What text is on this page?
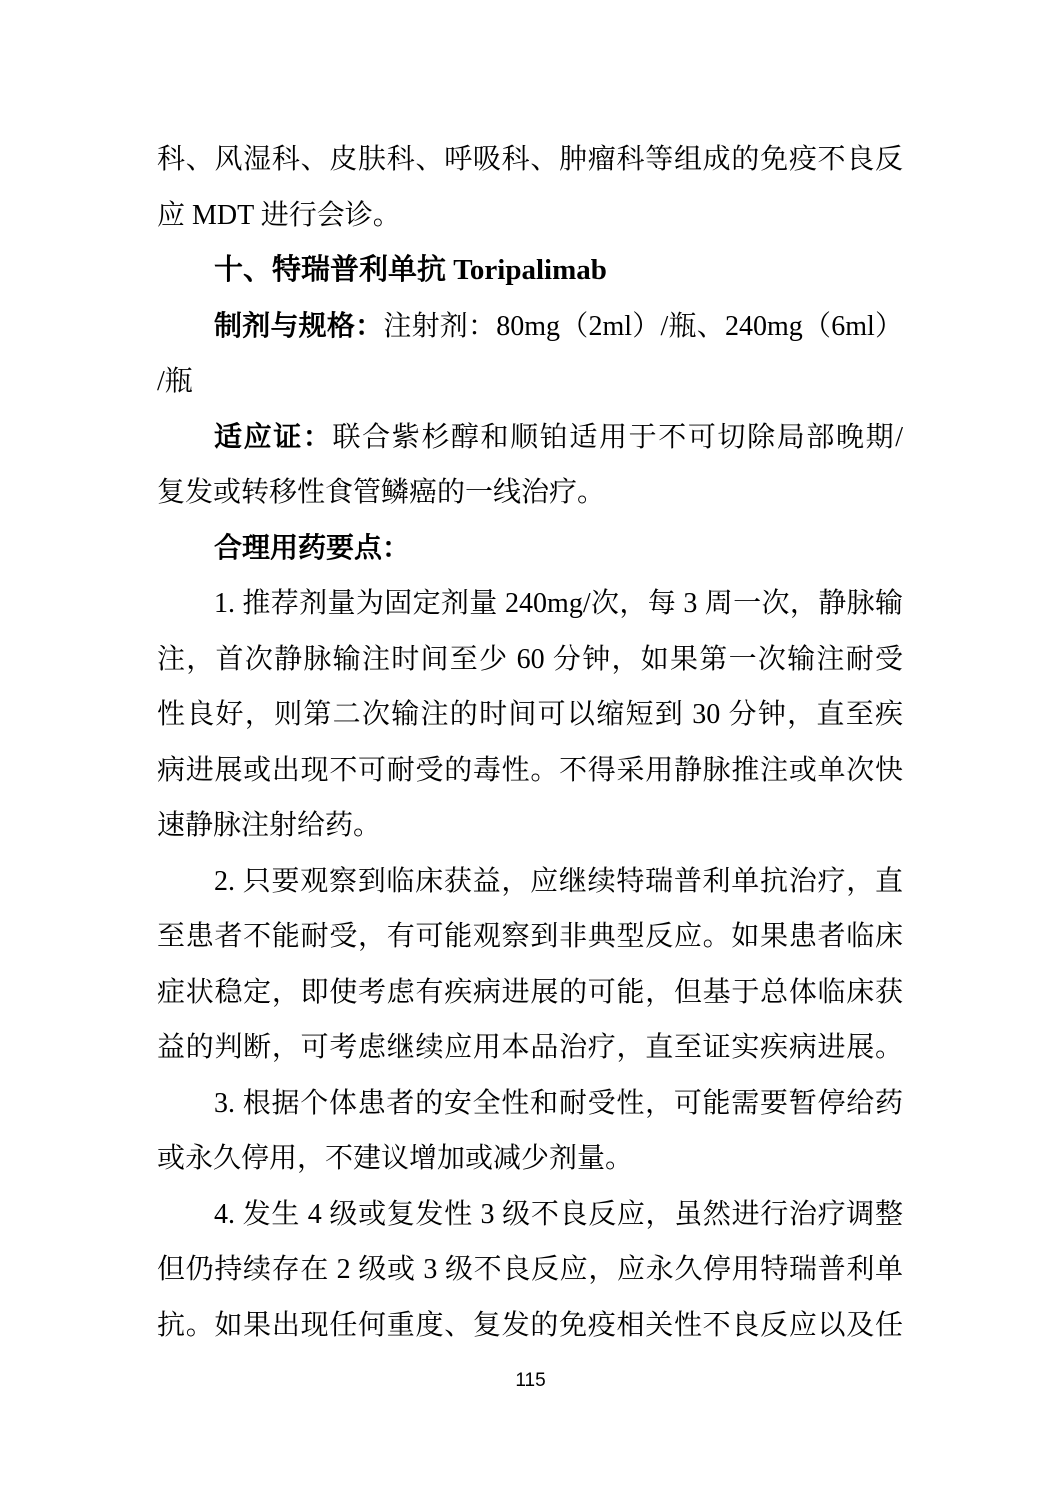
科、风湿科、皮肤科、呼吸科、肿瘤科等组成的免疫不良反
应 MDT 进行会诊。
十、特瑞普利单抗 Toripalimab
制剂与规格：注射剂：80mg（2ml）/瓶、240mg（6ml）
/瓶
适应证：联合紫杉醇和顺铂适用于不可切除局部晚期/
复发或转移性食管鳞癌的一线治疗。
合理用药要点：
1. 推荐剂量为固定剂量 240mg/次，每 3 周一次，静脉输
注，首次静脉输注时间至少 60 分钟，如果第一次输注耐受
性良好，则第二次输注的时间可以缩短到 30 分钟，直至疾
病进展或出现不可耐受的毒性。不得采用静脉推注或单次快
速静脉注射给药。
2. 只要观察到临床获益，应继续特瑞普利单抗治疗，直
至患者不能耐受，有可能观察到非典型反应。如果患者临床
症状稳定，即使考虑有疾病进展的可能，但基于总体临床获
益的判断，可考虑继续应用本品治疗，直至证实疾病进展。
3. 根据个体患者的安全性和耐受性，可能需要暂停给药
或永久停用，不建议增加或减少剂量。
4. 发生 4 级或复发性 3 级不良反应，虽然进行治疗调整
但仍持续存在 2 级或 3 级不良反应，应永久停用特瑞普利单
抗。如果出现任何重度、复发的免疫相关性不良反应以及任
115
